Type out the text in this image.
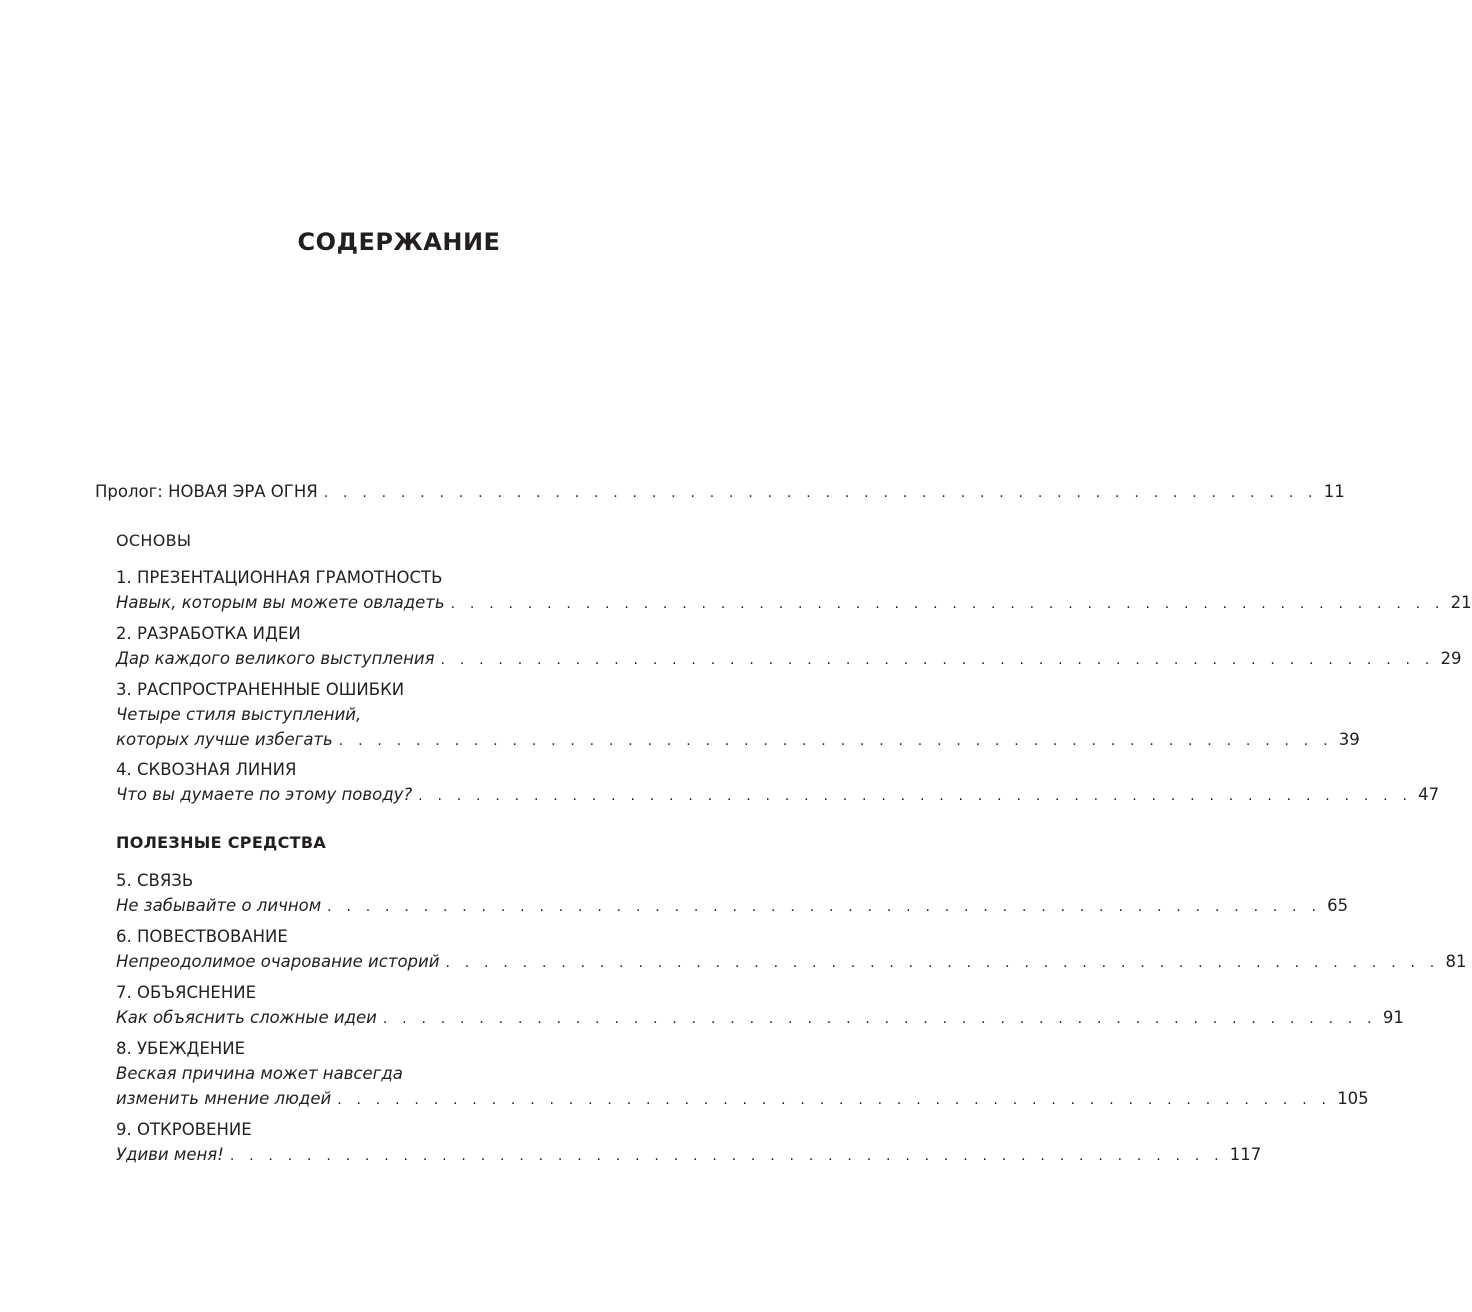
СОДЕРЖАНИЕ
Пролог: НОВАЯ ЭРА ОГНЯ . . . . . . . . . . . . . . . . . . . . . . . . . . . . . . . . . . . . . . . . . . . . . . . . . . . . 11
ОСНОВЫ
1. ПРЕЗЕНТАЦИОННАЯ ГРАМОТНОСТЬ
Навык, которым вы можете овладеть . . . . . . . . . . . . . . . . . . . . . . . . . . . . . . . . . . . . . . . . . . . . . . . . . . . . 21
2. РАЗРАБОТКА ИДЕИ
Дар каждого великого выступления . . . . . . . . . . . . . . . . . . . . . . . . . . . . . . . . . . . . . . . . . . . . . . . . . . . . 29
3. РАСПРОСТРАНЕННЫЕ ОШИБКИ
Четыре стиля выступлений,
которых лучше избегать . . . . . . . . . . . . . . . . . . . . . . . . . . . . . . . . . . . . . . . . . . . . . . . . . . . . 39
4. СКВОЗНАЯ ЛИНИЯ
Что вы думаете по этому поводу? . . . . . . . . . . . . . . . . . . . . . . . . . . . . . . . . . . . . . . . . . . . . . . . . . . . . 47
ПОЛЕЗНЫЕ СРЕДСТВА
5. СВЯЗЬ
Не забывайте о личном . . . . . . . . . . . . . . . . . . . . . . . . . . . . . . . . . . . . . . . . . . . . . . . . . . . . 65
6. ПОВЕСТВОВАНИЕ
Непреодолимое очарование историй . . . . . . . . . . . . . . . . . . . . . . . . . . . . . . . . . . . . . . . . . . . . . . . . . . . . 81
7. ОБЪЯСНЕНИЕ
Как объяснить сложные идеи . . . . . . . . . . . . . . . . . . . . . . . . . . . . . . . . . . . . . . . . . . . . . . . . . . . . 91
8. УБЕЖДЕНИЕ
Веская причина может навсегда
изменить мнение людей . . . . . . . . . . . . . . . . . . . . . . . . . . . . . . . . . . . . . . . . . . . . . . . . . . . . 105
9. ОТКРОВЕНИЕ
Удиви меня! . . . . . . . . . . . . . . . . . . . . . . . . . . . . . . . . . . . . . . . . . . . . . . . . . . . . 117
